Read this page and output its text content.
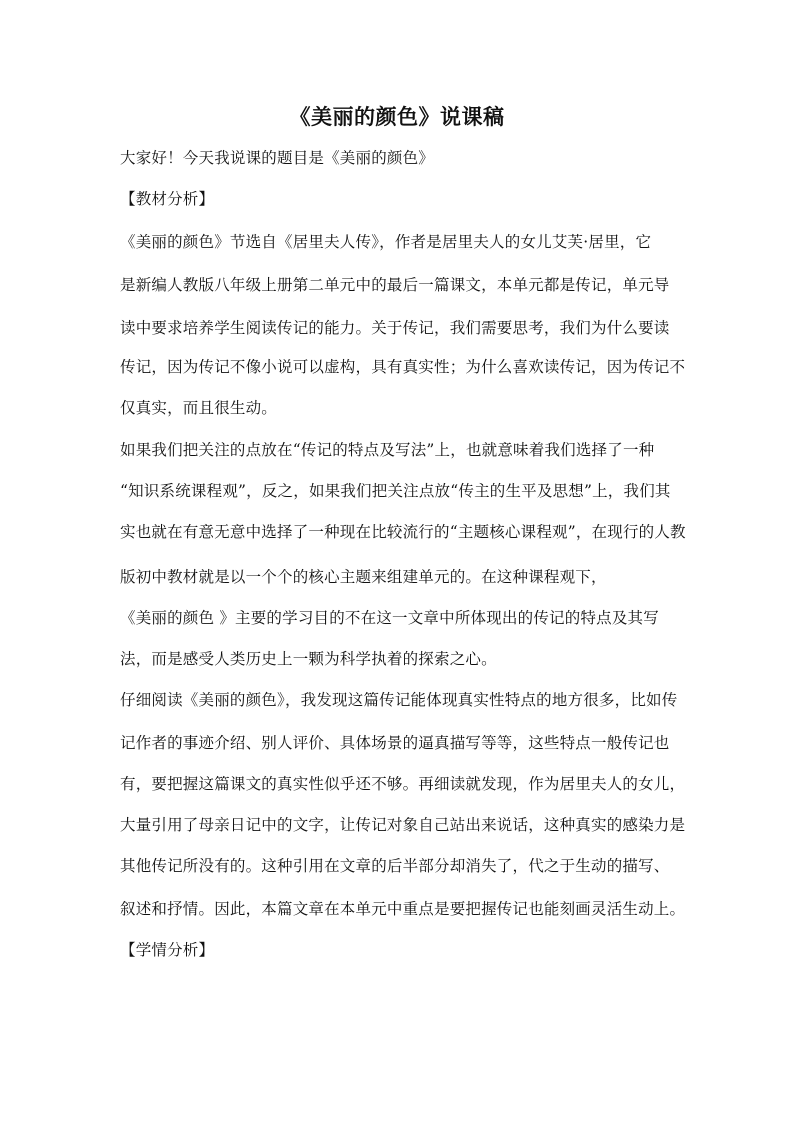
《美丽的颜色》说课稿

大家好！今天我说课的题目是《美丽的颜色》

【教材分析】

《美丽的颜色》节选自《居里夫人传》，作者是居里夫人的女儿艾芙·居里，它

是新编人教版八年级上册第二单元中的最后一篇课文，本单元都是传记，单元导

读中要求培养学生阅读传记的能力。关于传记，我们需要思考，我们为什么要读

传记，因为传记不像小说可以虚构，具有真实性；为什么喜欢读传记，因为传记不

仅真实，而且很生动。

如果我们把关注的点放在“传记的特点及写法”上，也就意味着我们选择了一种

“知识系统课程观”，反之，如果我们把关注点放“传主的生平及思想”上，我们其

实也就在有意无意中选择了一种现在比较流行的“主题核心课程观”，在现行的人教

版初中教材就是以一个个的核心主题来组建单元的。在这种课程观下，

《美丽的颜色 》主要的学习目的不在这一文章中所体现出的传记的特点及其写

法，而是感受人类历史上一颗为科学执着的探索之心。

仔细阅读《美丽的颜色》，我发现这篇传记能体现真实性特点的地方很多，比如传

记作者的事迹介绍、别人评价、具体场景的逼真描写等等，这些特点一般传记也

有，要把握这篇课文的真实性似乎还不够。再细读就发现，作为居里夫人的女儿，

大量引用了母亲日记中的文字，让传记对象自己站出来说话，这种真实的感染力是

其他传记所没有的。这种引用在文章的后半部分却消失了，代之于生动的描写、

叙述和抒情。因此，本篇文章在本单元中重点是要把握传记也能刻画灵活生动上。

【学情分析】
